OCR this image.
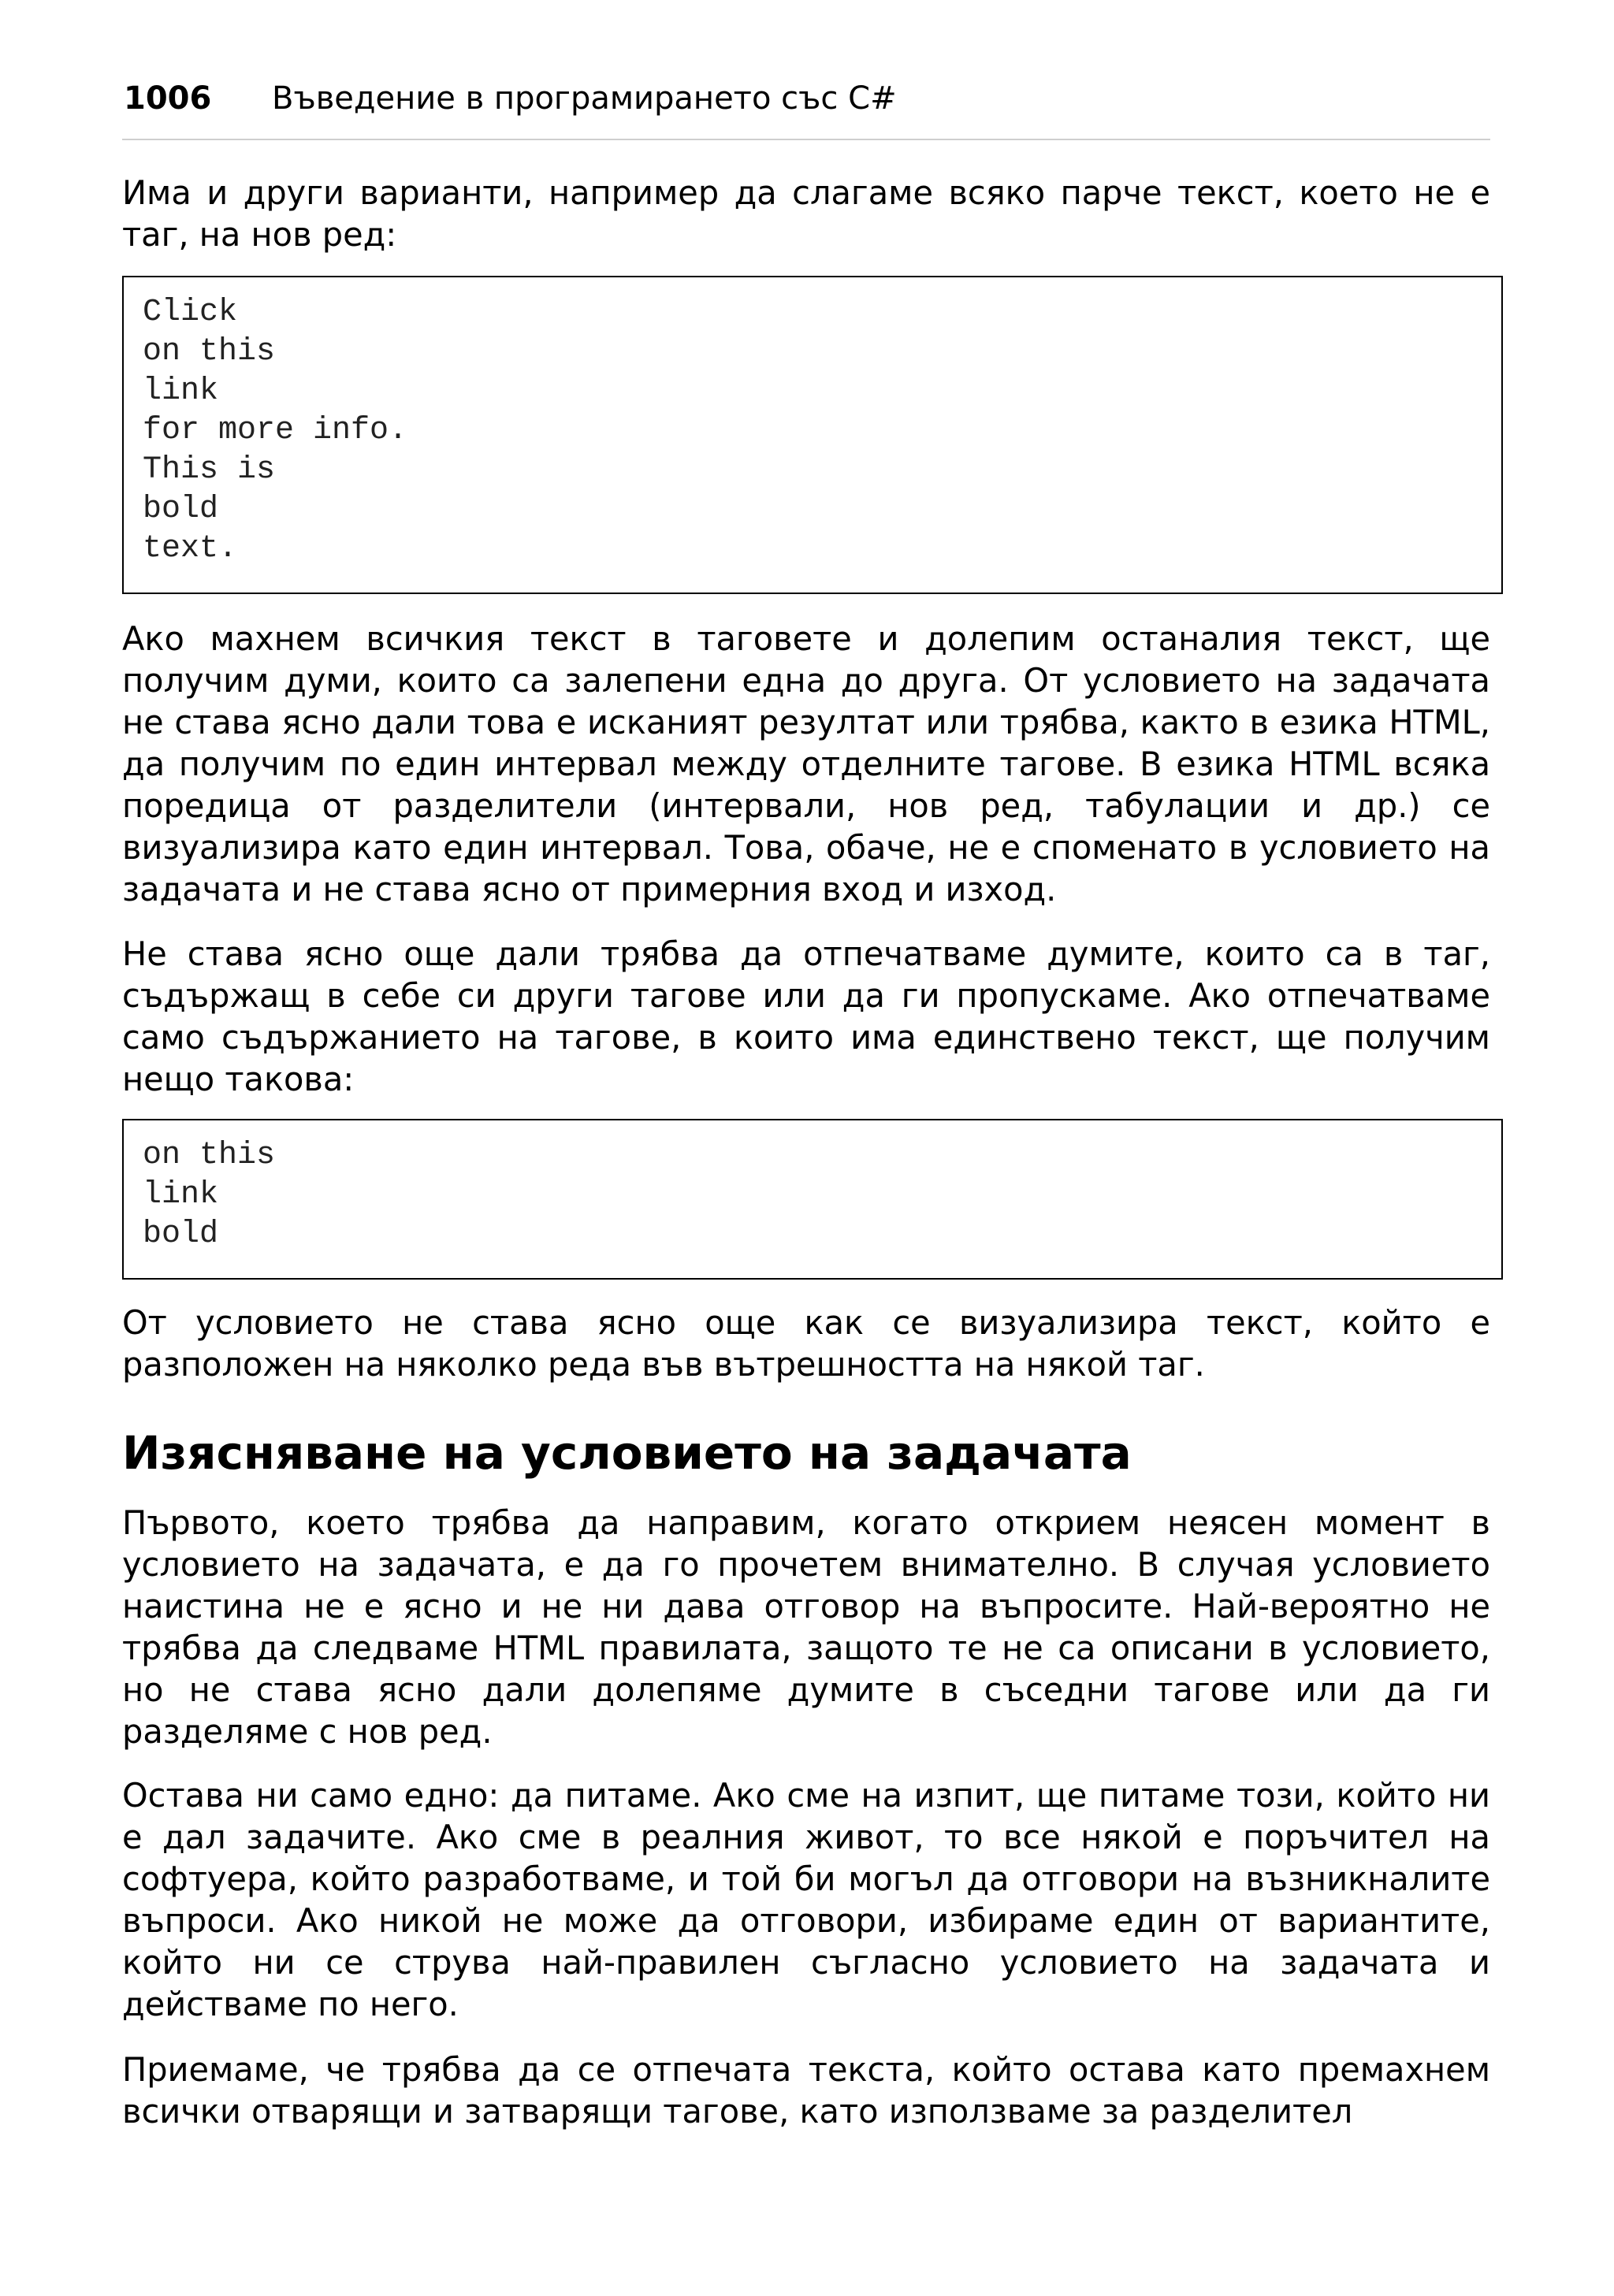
1006 Въведение в програмирането със C#

Има и други варианти, например да слагаме всяко парче текст, което не е таг, на нов ред:

Click
on this
link
for more info.
This is
bold
text.

Ако махнем всичкия текст в таговете и долепим останалия текст, ще получим думи, които са залепени една до друга. От условието на задачата не става ясно дали това е исканият резултат или трябва, както в езика HTML, да получим по един интервал между отделните тагове. В езика HTML всяка поредица от разделители (интервали, нов ред, табулации и др.) се визуализира като един интервал. Това, обаче, не е споменато в условието на задачата и не става ясно от примерния вход и изход.

Не става ясно още дали трябва да отпечатваме думите, които са в таг, съдържащ в себе си други тагове или да ги пропускаме. Ако отпечатваме само съдържанието на тагове, в които има единствено текст, ще получим нещо такова:

on this
link
bold

От условието не става ясно още как се визуализира текст, който е разположен на няколко реда във вътрешността на някой таг.

Изясняване на условието на задачата

Първото, което трябва да направим, когато открием неясен момент в условието на задачата, е да го прочетем внимателно. В случая условието наистина не е ясно и не ни дава отговор на въпросите. Най-вероятно не трябва да следваме HTML правилата, защото те не са описани в условието, но не става ясно дали долепяме думите в съседни тагове или да ги разделяме с нов ред.

Остава ни само едно: да питаме. Ако сме на изпит, ще питаме този, който ни е дал задачите. Ако сме в реалния живот, то все някой е поръчител на софтуера, който разработваме, и той би могъл да отговори на възникналите въпроси. Ако никой не може да отговори, избираме един от вариантите, който ни се струва най-правилен съгласно условието на задачата и действаме по него.

Приемаме, че трябва да се отпечата текста, който остава като премахнем всички отварящи и затварящи тагове, като използваме за разделител
